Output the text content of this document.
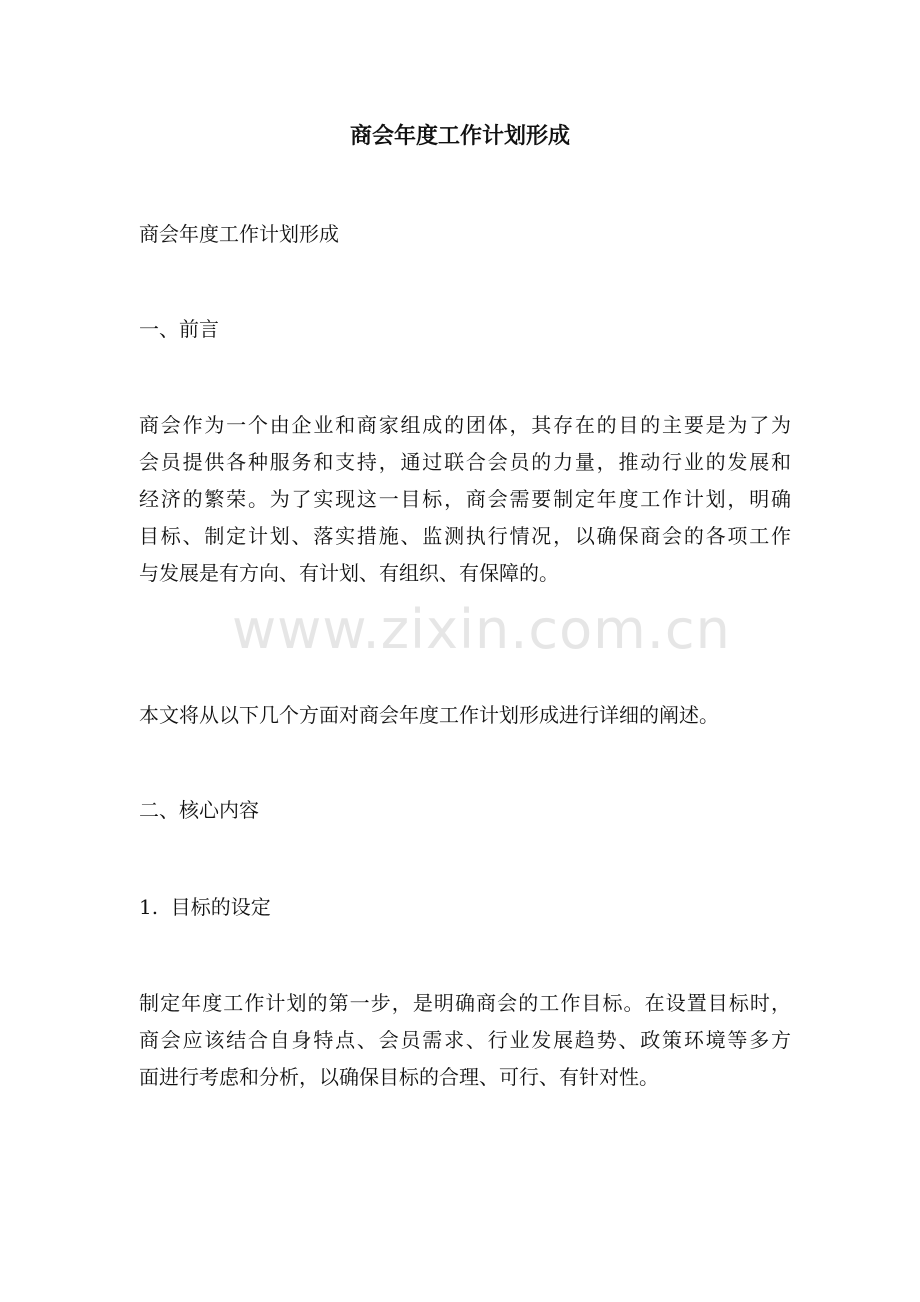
商会年度工作计划形成
商会年度工作计划形成
一、前言
商会作为一个由企业和商家组成的团体，其存在的目的主要是为了为
会员提供各种服务和支持，通过联合会员的力量，推动行业的发展和
经济的繁荣。为了实现这一目标，商会需要制定年度工作计划，明确
目标、制定计划、落实措施、监测执行情况，以确保商会的各项工作
与发展是有方向、有计划、有组织、有保障的。
本文将从以下几个方面对商会年度工作计划形成进行详细的阐述。
二、核心内容
1.  目标的设定
制定年度工作计划的第一步，是明确商会的工作目标。在设置目标时，
商会应该结合自身特点、会员需求、行业发展趋势、政策环境等多方
面进行考虑和分析，以确保目标的合理、可行、有针对性。
www.zixin.com.cn
